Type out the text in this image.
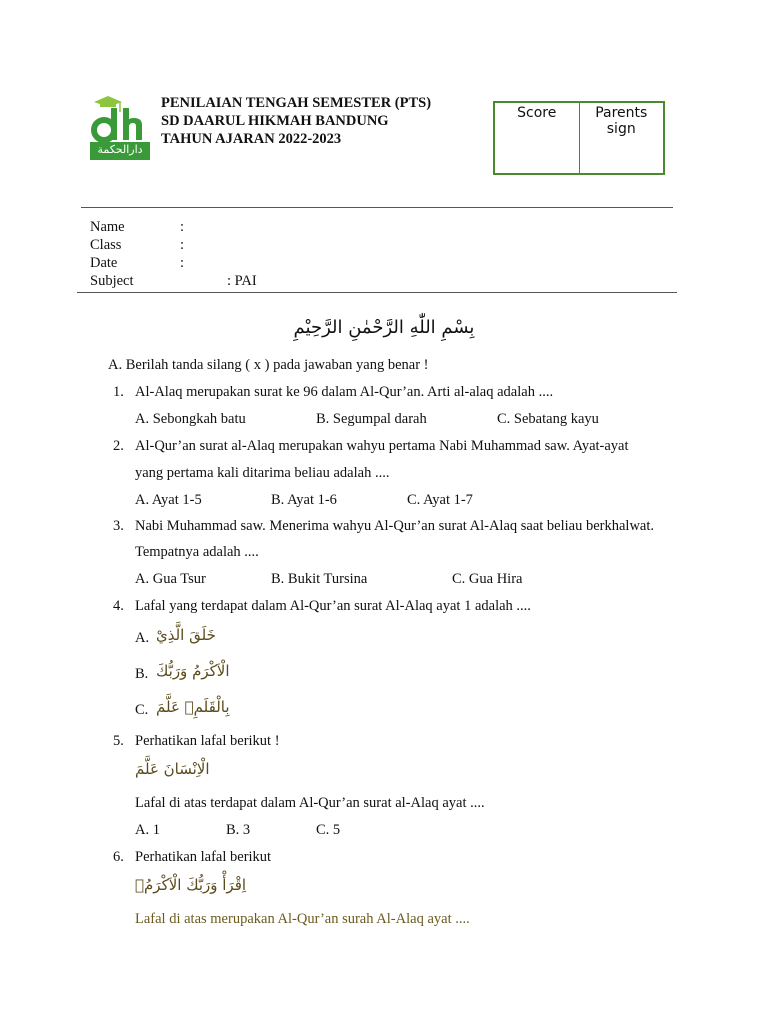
دارالحكمة
PENILAIAN TENGAH SEMESTER (PTS)
SD DAARUL HIKMAH BANDUNG
TAHUN AJARAN 2022-2023
Score	Parents sign
Name	:
Class	:
Date	:
Subject	: PAI
بِسْمِ اللّٰهِ الرَّحْمٰنِ الرَّحِيْمِ
A. Berilah tanda silang ( x ) pada jawaban yang benar !
1. Al-Alaq merupakan surat ke 96 dalam Al-Qur’an. Arti al-alaq adalah ....
A. Sebongkah batu	B. Segumpal darah	C. Sebatang kayu
2. Al-Qur’an surat al-Alaq merupakan wahyu pertama Nabi Muhammad saw. Ayat-ayat
yang pertama kali ditarima beliau adalah ....
A. Ayat 1-5	B. Ayat 1-6	C. Ayat 1-7
3. Nabi Muhammad saw. Menerima wahyu Al-Qur’an surat Al-Alaq saat beliau berkhalwat.
Tempatnya adalah ....
A. Gua Tsur	B. Bukit Tursina	C. Gua Hira
4. Lafal yang terdapat dalam Al-Qur’an surat Al-Alaq ayat 1 adalah ....
A. خَلَقَ الَّذِيْ
B. الْاَكْرَمُ وَرَبُّكَ
C. بِالْقَلَمِۙ عَلَّمَ
5. Perhatikan lafal berikut !
الْاِنْسَانَ عَلَّمَ
Lafal di atas terdapat dalam Al-Qur’an surat al-Alaq ayat ....
A. 1	B. 3	C. 5
6. Perhatikan lafal berikut
اِقْرَأْ وَرَبُّكَ الْاَكْرَمُۙ
Lafal di atas merupakan Al-Qur’an surah Al-Alaq ayat ....
